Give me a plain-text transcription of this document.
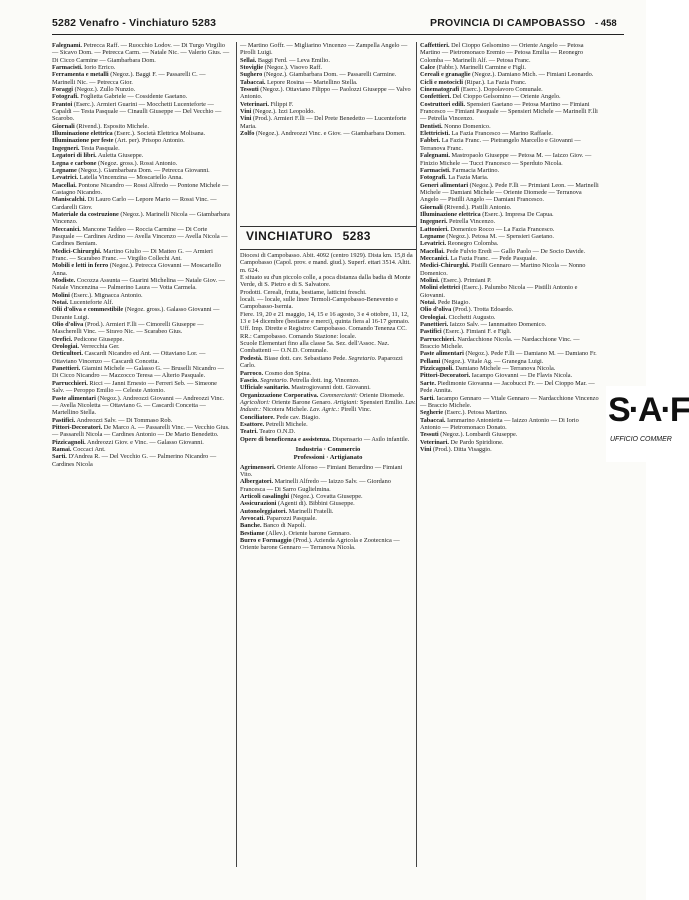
5282 Venafro - Vinchiaturo 5283	PROVINCIA DI CAMPOBASSO - 458

Falegnami. Petrecca Raff. — Ruocchio Lodov. — Di Turgo Virgilio — Sicavo Dom. — Petrecca Carm. — Natale Nic. — Valerio Gius. — Di Cicco Carmine — Giambarbara Dom.

Farmacisti. Iorio Errico.

Ferramenta e metalli (Negoz.). Baggi F. — Passarelli C. — Marinelli Nic. — Petrecca Gior.

Foraggi (Negoz.). Zullo Nunzio.

Fotografi. Foglietta Gabriele — Cossidente Gaetano.

Frantoi (Eserc.). Armieri Guarini — Mocchetti Lucenteforte — Capaldi — Testa Pasquale — Cinaulli Giuseppe — Del Vecchio — Scarobo.

Giornali (Rivend.). Esposito Michele.

Illuminazione elettrica (Eserc.). Società Elettrica Molisana.

Illuminazione per feste (Art. per). Prisopo Antonio.

Ingegneri. Testa Pasquale.

Legatori di libri. Auletta Giuseppe.

Legna e carbone (Negoz. gross.). Rossi Antonio.

Legname (Negoz.). Giambarbara Dom. — Petrecca Giovanni.

Levatrici. Latella Vincenzina — Moscariello Anna.

Macellai. Pontone Nicandro — Rossi Alfredo — Pontone Michele — Castagno Nicandro.

Maniscalchi. Di Lauro Carlo — Lepore Mario — Rossi Vinc. — Cardarelli Giov.

Materiale da costruzione (Negoz.). Marinelli Nicola — Giambarbara Vincenzo.

Meccanici. Mancone Taddeo — Roccia Carmine — Di Corte Pasquale — Cardines Ardino — Avella Vincenzo — Avella Nicola — Cardines Beniam.

Medici-Chirurghi. Martino Giulio — Di Matteo G. — Armieri Franc. — Scarabeo Franc. — Virgilio Collechi Ant.

Mobili e letti in ferro (Negoz.). Petrecca Giovanni — Moscariello Anna.

Modiste. Cocozza Assunta — Guarini Michelina — Natale Giov. — Natale Vincenzina — Palmerino Laura — Votta Carmela.

Molini (Eserc.). Mignacca Antonio.

Notai. Lucenteforte Alf.

Olii d'oliva e commestibile (Negoz. gross.). Galasso Giovanni — Durante Luigi.

Olio d'oliva (Prod.). Armieri F.lli — Cimorelli Giuseppe — Mascherelli Vinc. — Siravo Nic. — Scarabeo Gius.

Orefici. Pedicone Giuseppe.

Orologiai. Verrecchia Ger.

Orticultori. Cascardi Nicandro ed Ant. — Ottaviano Lor. — Ottaviano Vincenzo — Cascardi Concetta.

Panettieri. Giamini Michele — Galasso G. — Bruselli Nicandro — Di Cicco Nicandro — Mazzocco Teresa — Alterio Pasquale.

Parrucchieri. Ricci — Janni Ernesto — Ferreri Seb. — Simeone Salv. — Peroppo Emilio — Celeste Antonio.

Paste alimentari (Negoz.). Andreozzi Giovanni — Andreozzi Vinc. — Avella Nicoletta — Ottaviano G. — Cascardi Concetta — Martellino Stella.

Pastifici. Andreozzi Salv. — Di Tommaso Rob.

Pittori-Decoratori. De Marco A. — Passarelli Vinc. — Vecchio Gius. — Passarelli Nicola — Cardines Antonio — De Mario Benedetto.

Pizzicagnoli. Andreozzi Giov. e Vinc. — Galasso Giovanni.

Ramai. Coccaci Ant.

Sarti. D'Andrea R. — Del Vecchio G. — Palmerino Nicandro — Cardines Nicola

— Martino Goffr. — Migliarino Vincenzo — Zampella Angelo — Pirolli Luigi.

Sellai. Baggi Ferd. — Leva Emilio.

Stoviglie (Negoz.). Visovo Raff.

Sughero (Negoz.). Giambarbara Dom. — Passarelli Carmine.

Tabaccai. Lepore Rosina — Martellino Stella.

Tessuti (Negoz.). Ottaviano Filippo — Paolozzi Giuseppe — Valvo Antonio.

Veterinari. Filippi F.

Vini (Negoz.). Izzi Leopoldo.

Vini (Prod.). Armieri F.lli — Del Prete Benedetto — Lucenteforte Maria.

Zolfo (Negoz.). Andreozzi Vinc. e Giov. — Giambarbara Domen.

VINCHIATURO 5283

Diocesi di Campobasso. Abit. 4092 (centro 1929). Dista km. 15,8 da Campobasso (Capol. prov. e mand. giud.). Superf. ettari 3514. Altit. m. 624.

E situato su d'un piccolo colle, a poca distanza dalla badia di Monte Verde, di S. Pietro e di S. Salvatore.

Prodotti. Cereali, frutta, bestiame, latticini freschi.

locali. — locale, sulle linee Termoli-Campobasso-Benevento e Campobasso-Isernia.

Fiere. 19, 20 e 21 maggio, 14, 15 e 16 agosto, 3 e 4 ottobre, 11, 12, 13 e 14 dicembre (bestiame e merci), quinta fiera al 16-17 gennaio.

Uff. Imp. Dirette e Registro: Campobasso. Comando Tenenza CC. RR.: Campobasso. Comando Stazione: locale.

Scuole Elementari fino alla classe 5a. Sez. dell'Assoc. Naz. Combattenti — O.N.D. Comunale.

Podestà. Biase dott. cav. Sebastiano Pede. Segretario. Paparozzi Carlo.

Parroco. Cosmo don Spina.

Fascio. Segretario. Petrella dott. ing. Vincenzo.

Ufficiale sanitario. Mastrogiovanni dott. Giovanni.

Organizzazione Corporativa. Commercianti: Oriente Diomede. Agricoltori: Oriente Barone Genaro. Artigiani: Spensieri Emilio. Lav. Industr.: Nicotera Michele. Lav. Agric.: Pirelli Vinc.

Conciliatore. Pede cav. Biagio.

Esattore. Petrelli Michele.

Teatri. Teatro O.N.D.

Opere di beneficenza e assistenza. Dispensario — Asilo infantile.

Industria · Commercio
Professioni · Artigianato

Agrimensori. Oriente Alfonso — Fimiani Berardino — Fimiani Vito.

Albergatori. Marinelli Alfredo — Iaizzo Salv. — Giordano Francesca — Di Sarro Guglielmina.

Articoli casalinghi (Negoz.). Covatta Giuseppe.

Assicurazioni (Agenti di). Bibbini Giuseppe.

Autonoleggiatori. Marinelli Fratelli.

Avvocati. Paparozzi Pasquale.

Banche. Banco di Napoli.

Bestiame (Allev.). Oriente barone Gennaro.

Burro e Formaggio (Prod.). Azienda Agricola e Zootecnica — Oriente barone Gennaro — Terranova Nicola.

Caffettieri. Del Cioppo Gelsomino — Oriente Angelo — Petosa Martino — Pietromonaco Eremio — Petosa Emilia — Reonegro Colomba — Marinelli Alf. — Petosa Franc.

Calce (Fabbr.). Marinelli Carmine e Figli.

Cereali e granaglie (Negoz.). Damiano Mich. — Fimiani Leonardo.

Cicli e motocicli (Ripar.). La Fazia Franc.

Cinematografi (Eserc.). Dopolavoro Comunale.

Confettieri. Del Cioppo Gelsomino — Oriente Angelo.

Costruttori edili. Spensieri Gaetano — Petosa Martino — Fimiani Francesco — Fimiani Pasquale — Spensieri Michele — Marinelli F.lli — Petrella Vincenzo.

Dentisti. Nonno Domenico.

Elettricisti. La Fazia Francesco — Marino Raffaele.

Fabbri. La Fazia Franc. — Pietrangelo Marcello e Giovanni — Terranova Franc.

Falegnami. Mastropaolo Giuseppe — Petosa M. — Iaizzo Giov. — Finizio Michele — Tucci Francesco — Sperduto Nicola.

Farmacisti. Farmacia Martino.

Fotografi. La Fazia Maria.

Generi alimentari (Negoz.). Pede F.lli — Primiani Leon. — Marinelli Michele — Damiani Michele — Oriente Diomede — Terranova Angelo — Pistilli Angelo — Damiani Francesco.

Giornali (Rivend.). Pistilli Antonio.

Illuminazione elettrica (Eserc.). Impresa De Capua.

Ingegneri. Petrella Vincenzo.

Lattonieri. Domenico Rocco — La Fazia Francesco.

Legname (Negoz.). Petosa M. — Spensieri Gaetano.

Levatrici. Reonegro Colomba.

Macellai. Pede Fulvio Eredi — Gallo Paolo — De Socio Davide.

Meccanici. La Fazia Franc. — Pede Pasquale.

Medici-Chirurghi. Pistilli Gennaro — Martino Nicola — Nonno Domenico.

Molini. (Eserc.). Primiani P.

Molini elettrici (Eserc.). Palumbo Nicola — Pistilli Antonio e Giovanni.

Notai. Pede Biagio.

Olio d'oliva (Prod.). Trotta Edoardo.

Orologiai. Cicchetti Augusto.

Panettieri. Iaizzo Salv. — Iannmatteo Domenico.

Pastifici (Eserc.). Fimiani F. e Figli.

Parrucchieri. Nardacchione Nicola. — Nardacchione Vinc. — Braccio Michele.

Paste alimentari (Negoz.). Pede F.lli — Damiano M. — Damiano Fr.

Pellami (Negoz.). Vitale Ag. — Granegna Luigi.

Pizzicagnoli. Damiano Michele — Terranova Nicola.

Pittori-Decoratori. Iacampo Giovanni — De Flavis Nicola.

Sarte. Piedimonte Giovanna — Jacobucci Fr. — Del Cioppo Mar. — Pede Annita.

Sarti. Iacampo Gennaro — Vitale Gennaro — Nardacchione Vincenzo — Braccio Michele.

Segherie (Eserc.). Petosa Martino.

Tabaccai. Iammarino Antonietta — Iaizzo Antonio — Di Iorio Antonio — Pietromonaco Donato.

Tessuti (Negoz.). Lombardi Giuseppe.

Veterinari. De Pardo Spiridione.

Vini (Prod.). Ditta Visaggio.

S·A·F
UFFICIO COMMER
